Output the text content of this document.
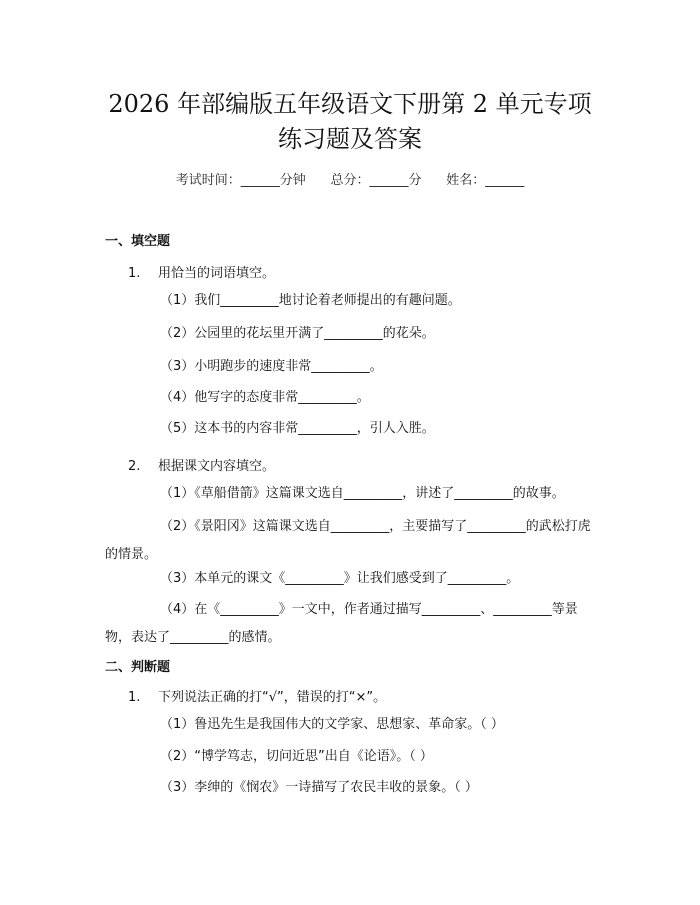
2026 年部编版五年级语文下册第 2 单元专项
练习题及答案
考试时间：______分钟      总分：______分      姓名：______
一、填空题
1. 用恰当的词语填空。
（1）我们_________地讨论着老师提出的有趣问题。
（2）公园里的花坛里开满了_________的花朵。
（3）小明跑步的速度非常_________。
（4）他写字的态度非常_________。
（5）这本书的内容非常_________，引人入胜。
2. 根据课文内容填空。
（1）《草船借箭》这篇课文选自_________，讲述了_________的故事。
（2）《景阳冈》这篇课文选自_________，主要描写了_________的武松打虎的情景。
（3）本单元的课文《_________》让我们感受到了_________。
（4）在《_________》一文中，作者通过描写_________、_________等景物，表达了_________的感情。
二、判断题
1. 下列说法正确的打“√”，错误的打“×”。
（1）鲁迅先生是我国伟大的文学家、思想家、革命家。（ ）
（2）“博学笃志，切问近思”出自《论语》。（ ）
（3）李绅的《悯农》一诗描写了农民丰收的景象。（ ）
